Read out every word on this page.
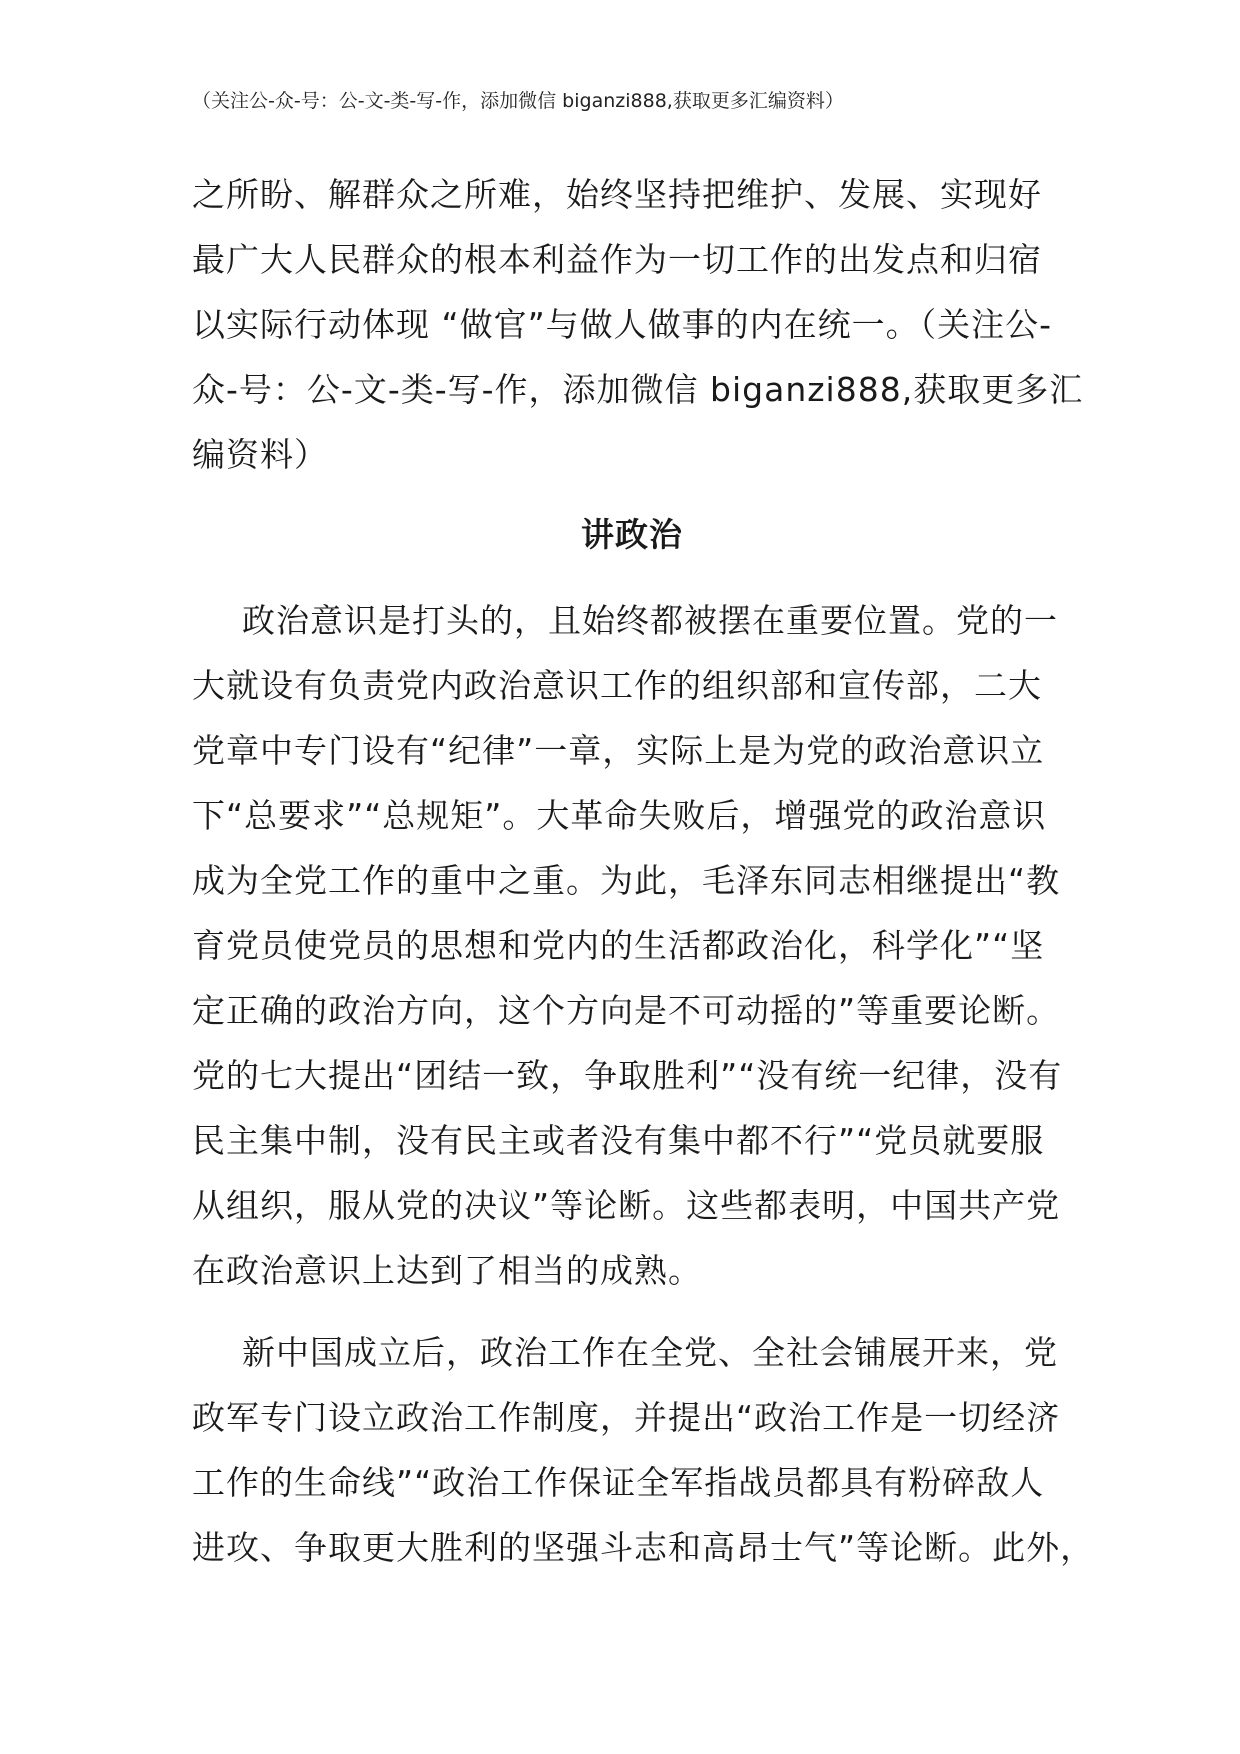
（关注公-众-号：公-文-类-写-作，添加微信 biganzi888,获取更多汇编资料）
之所盼、解群众之所难，始终坚持把维护、发展、实现好
最广大人民群众的根本利益作为一切工作的出发点和归宿
以实际行动体现 “做官”与做人做事的内在统一。（关注公-
众-号：公-文-类-写-作，添加微信 biganzi888,获取更多汇
编资料）
讲政治
政治意识是打头的，且始终都被摆在重要位置。党的一
大就设有负责党内政治意识工作的组织部和宣传部，二大
党章中专门设有“纪律”一章，实际上是为党的政治意识立
下“总要求”“总规矩”。大革命失败后，增强党的政治意识
成为全党工作的重中之重。为此，毛泽东同志相继提出“教
育党员使党员的思想和党内的生活都政治化，科学化”“坚
定正确的政治方向，这个方向是不可动摇的”等重要论断。
党的七大提出“团结一致，争取胜利”“没有统一纪律，没有
民主集中制，没有民主或者没有集中都不行”“党员就要服
从组织，服从党的决议”等论断。这些都表明，中国共产党
在政治意识上达到了相当的成熟。
新中国成立后，政治工作在全党、全社会铺展开来，党
政军专门设立政治工作制度，并提出“政治工作是一切经济
工作的生命线”“政治工作保证全军指战员都具有粉碎敌人
进攻、争取更大胜利的坚强斗志和高昂士气”等论断。此外，
